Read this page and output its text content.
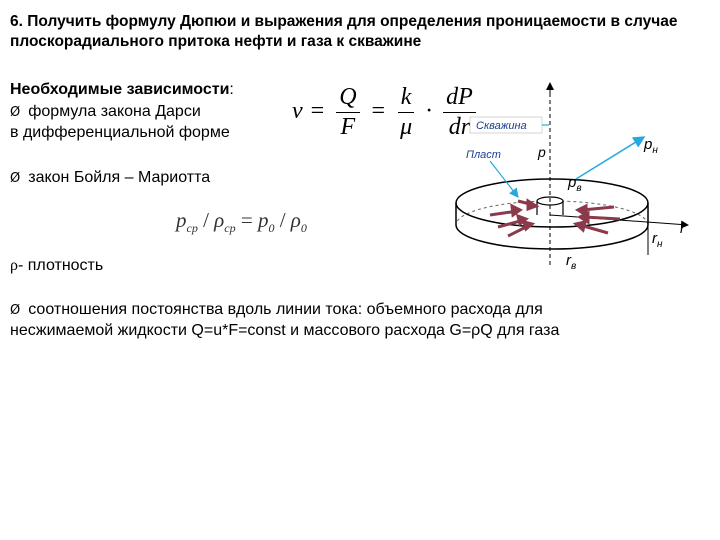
6. Получить формулу Дюпюи и выражения для определения проницаемости в случае плоскорадиального притока нефти и газа к скважине
Необходимые зависимости:
Ø формула закона Дарси
в дифференциальной форме
$v = \frac{Q}{F} = \frac{k}{\mu} \cdot \frac{dP}{dr}$
Ø закон Бойля – Мариотта
$p_{ср} / \rho_{ср} = p_0 / \rho_0$
ρ- плотность
Ø соотношения постоянства вдоль линии тока: объемного расхода для
несжимаемой жидкости Q=u*F=const и массового расхода G=ρQ для газа
Скважина
Пласт	p	$p_н$
$p_в$
$r_н$
r
$r_в$
